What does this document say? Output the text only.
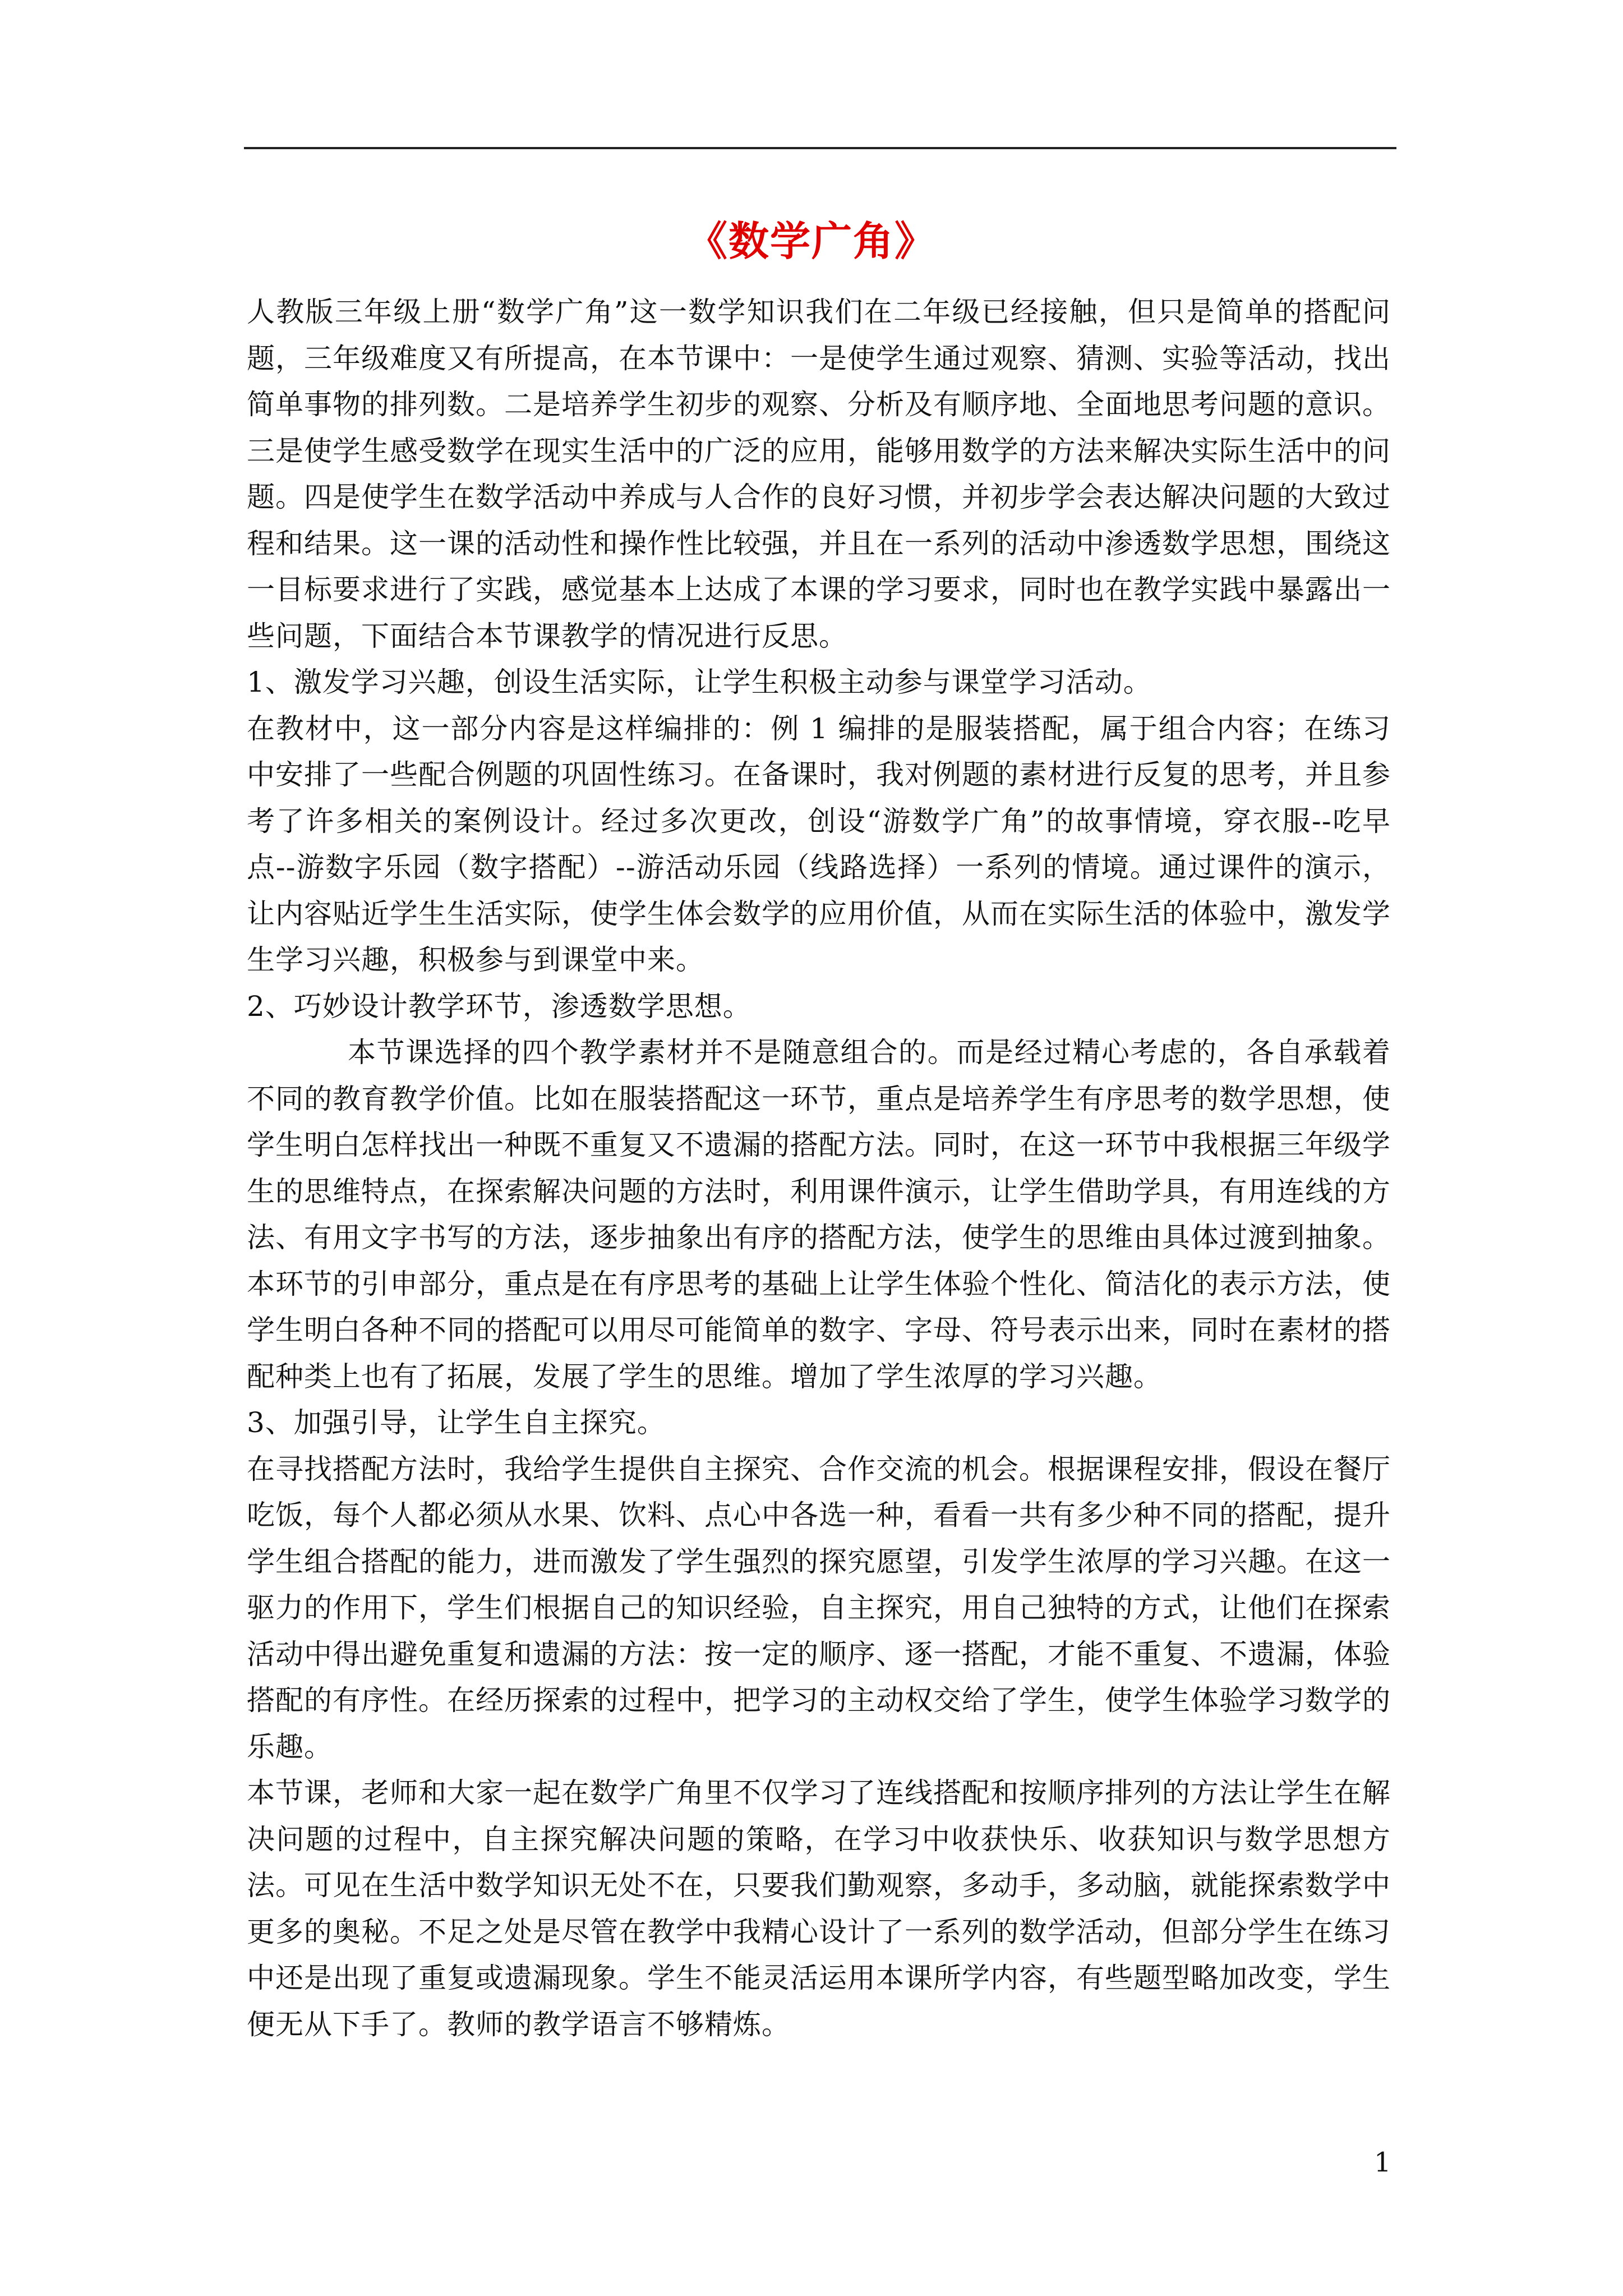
《数学广角》

人教版三年级上册“数学广角”这一数学知识我们在二年级已经接触，但只是简单的搭配问题，三年级难度又有所提高，在本节课中：一是使学生通过观察、猜测、实验等活动，找出简单事物的排列数。二是培养学生初步的观察、分析及有顺序地、全面地思考问题的意识。三是使学生感受数学在现实生活中的广泛的应用，能够用数学的方法来解决实际生活中的问题。四是使学生在数学活动中养成与人合作的良好习惯，并初步学会表达解决问题的大致过程和结果。这一课的活动性和操作性比较强，并且在一系列的活动中渗透数学思想，围绕这一目标要求进行了实践，感觉基本上达成了本课的学习要求，同时也在教学实践中暴露出一些问题，下面结合本节课教学的情况进行反思。

1、激发学习兴趣，创设生活实际，让学生积极主动参与课堂学习活动。

在教材中，这一部分内容是这样编排的：例 1 编排的是服装搭配，属于组合内容；在练习中安排了一些配合例题的巩固性练习。在备课时，我对例题的素材进行反复的思考，并且参考了许多相关的案例设计。经过多次更改，创设“游数学广角”的故事情境，穿衣服--吃早点--游数字乐园（数字搭配）--游活动乐园（线路选择）一系列的情境。通过课件的演示，让内容贴近学生生活实际，使学生体会数学的应用价值，从而在实际生活的体验中，激发学生学习兴趣，积极参与到课堂中来。

2、巧妙设计教学环节，渗透数学思想。

本节课选择的四个教学素材并不是随意组合的。而是经过精心考虑的，各自承载着不同的教育教学价值。比如在服装搭配这一环节，重点是培养学生有序思考的数学思想，使学生明白怎样找出一种既不重复又不遗漏的搭配方法。同时，在这一环节中我根据三年级学生的思维特点，在探索解决问题的方法时，利用课件演示，让学生借助学具，有用连线的方法、有用文字书写的方法，逐步抽象出有序的搭配方法，使学生的思维由具体过渡到抽象。本环节的引申部分，重点是在有序思考的基础上让学生体验个性化、简洁化的表示方法，使学生明白各种不同的搭配可以用尽可能简单的数字、字母、符号表示出来，同时在素材的搭配种类上也有了拓展，发展了学生的思维。增加了学生浓厚的学习兴趣。

3、加强引导，让学生自主探究。

在寻找搭配方法时，我给学生提供自主探究、合作交流的机会。根据课程安排，假设在餐厅吃饭，每个人都必须从水果、饮料、点心中各选一种，看看一共有多少种不同的搭配，提升学生组合搭配的能力，进而激发了学生强烈的探究愿望，引发学生浓厚的学习兴趣。在这一驱力的作用下，学生们根据自己的知识经验，自主探究，用自己独特的方式，让他们在探索活动中得出避免重复和遗漏的方法：按一定的顺序、逐一搭配，才能不重复、不遗漏，体验搭配的有序性。在经历探索的过程中，把学习的主动权交给了学生，使学生体验学习数学的乐趣。

本节课，老师和大家一起在数学广角里不仅学习了连线搭配和按顺序排列的方法让学生在解决问题的过程中，自主探究解决问题的策略，在学习中收获快乐、收获知识与数学思想方法。可见在生活中数学知识无处不在，只要我们勤观察，多动手，多动脑，就能探索数学中更多的奥秘。不足之处是尽管在教学中我精心设计了一系列的数学活动，但部分学生在练习中还是出现了重复或遗漏现象。学生不能灵活运用本课所学内容，有些题型略加改变，学生便无从下手了。教师的教学语言不够精炼。

1
